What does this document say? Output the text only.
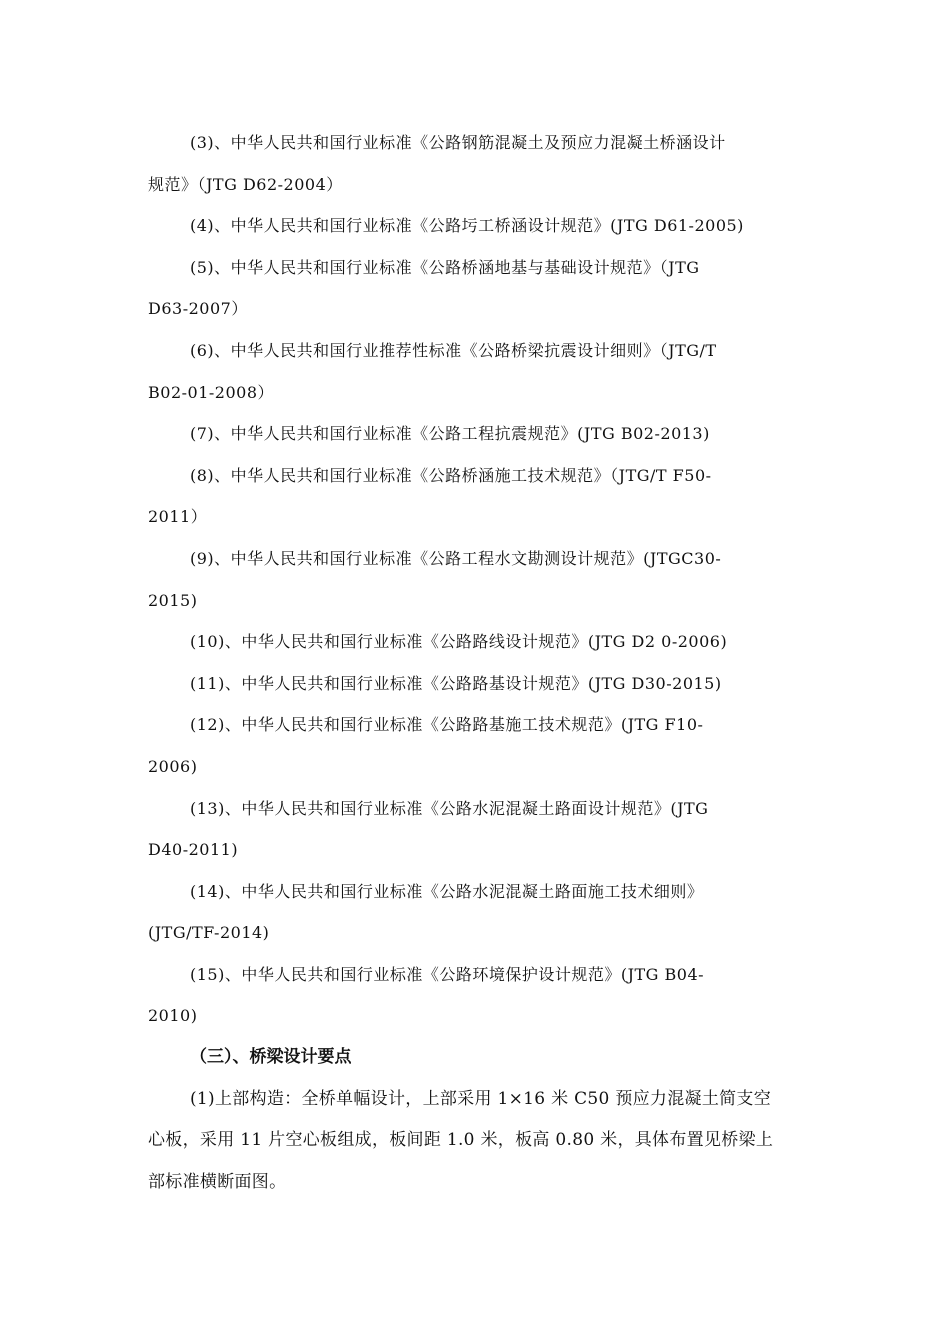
(3)、中华人民共和国行业标准《公路钢筋混凝土及预应力混凝土桥涵设计
规范》（JTG D62-2004）
(4)、中华人民共和国行业标准《公路圬工桥涵设计规范》(JTG D61-2005)
(5)、中华人民共和国行业标准《公路桥涵地基与基础设计规范》（JTG
D63-2007）
(6)、中华人民共和国行业推荐性标准《公路桥梁抗震设计细则》（JTG/T
B02-01-2008）
(7)、中华人民共和国行业标准《公路工程抗震规范》(JTG B02-2013)
(8)、中华人民共和国行业标准《公路桥涵施工技术规范》（JTG/T F50-
2011）
(9)、中华人民共和国行业标准《公路工程水文勘测设计规范》(JTGC30-
2015)
(10)、中华人民共和国行业标准《公路路线设计规范》(JTG D2 0-2006)
(11)、中华人民共和国行业标准《公路路基设计规范》(JTG D30-2015)
(12)、中华人民共和国行业标准《公路路基施工技术规范》(JTG F10-
2006)
(13)、中华人民共和国行业标准《公路水泥混凝土路面设计规范》(JTG
D40-2011)
(14)、中华人民共和国行业标准《公路水泥混凝土路面施工技术细则》
(JTG/TF-2014)
(15)、中华人民共和国行业标准《公路环境保护设计规范》(JTG B04-
2010)
（三）、桥梁设计要点
(1)上部构造：全桥单幅设计，上部采用 1×16 米 C50 预应力混凝土简支空
心板，采用 11 片空心板组成，板间距 1.0 米，板高 0.80 米，具体布置见桥梁上
部标准横断面图。
